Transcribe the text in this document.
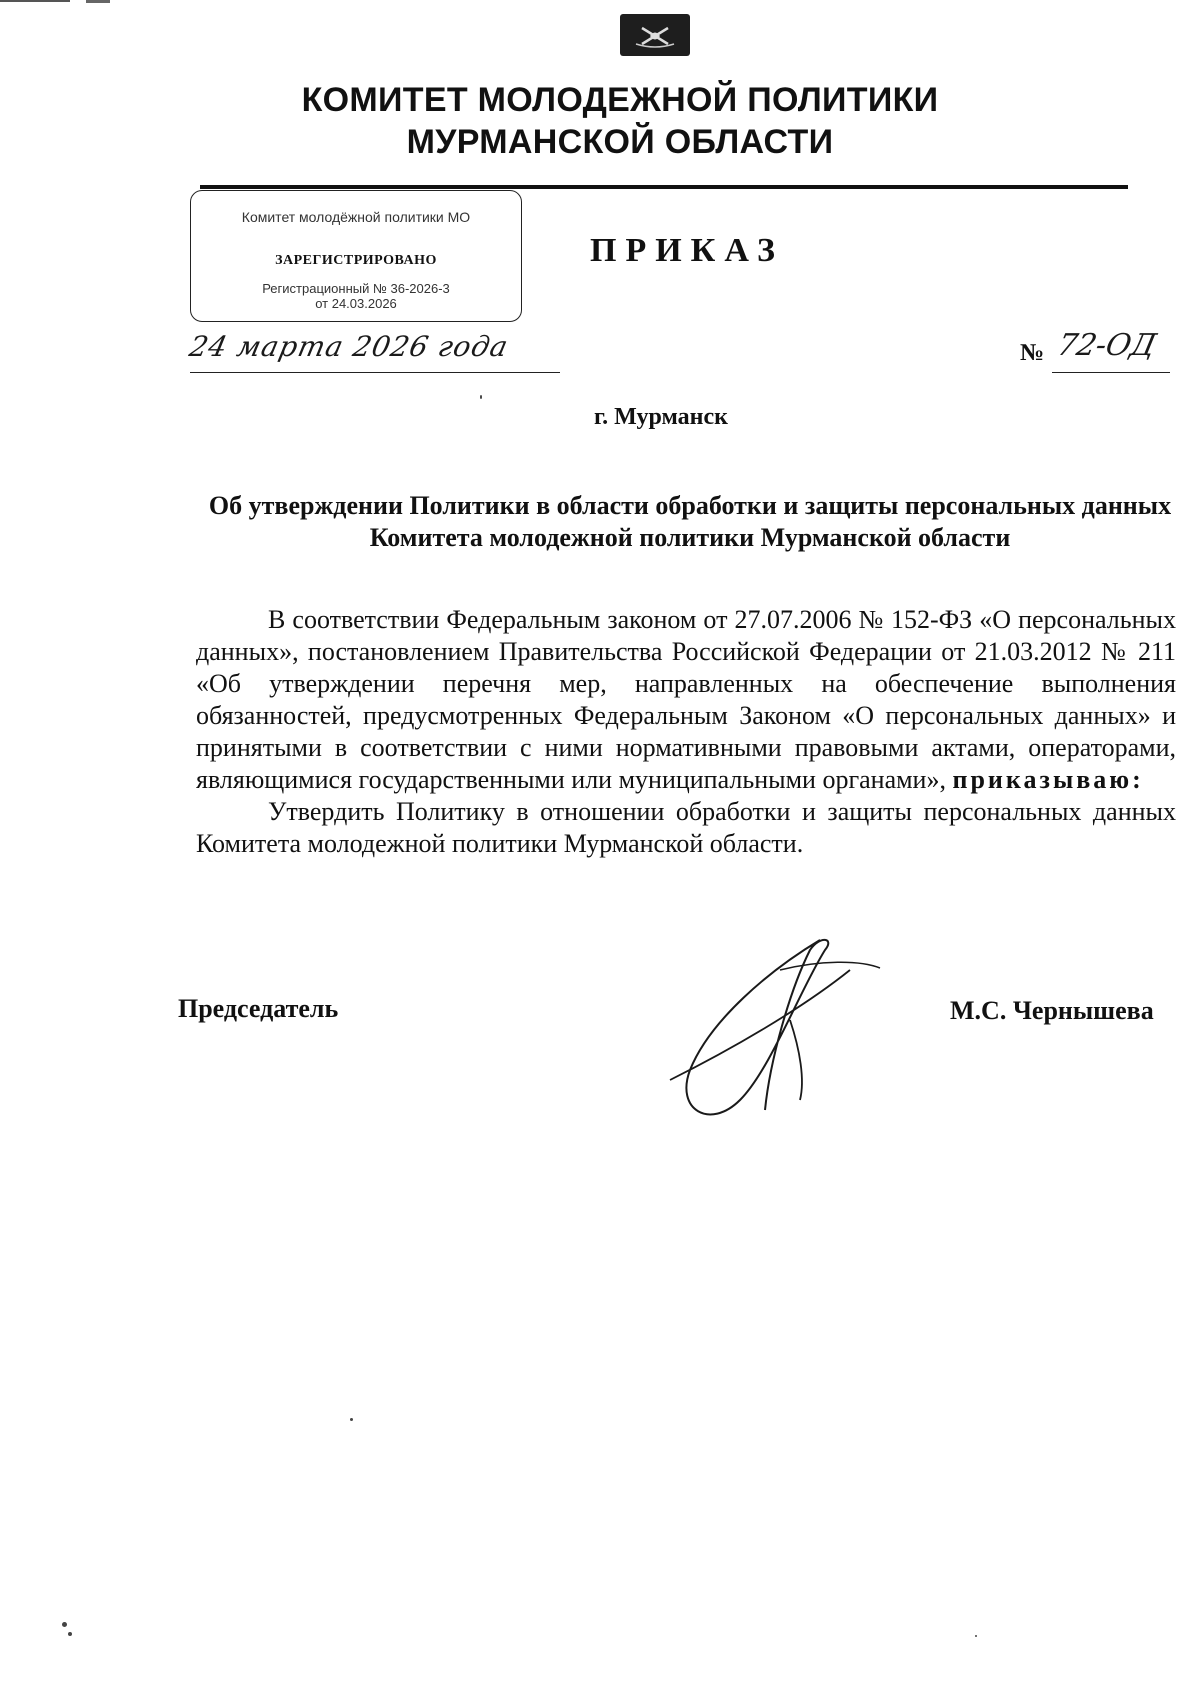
КОМИТЕТ МОЛОДЕЖНОЙ ПОЛИТИКИ
МУРМАНСКОЙ ОБЛАСТИ
Комитет молодёжной политики МО
ЗАРЕГИСТРИРОВАНО
Регистрационный № 36-2026-3
от 24.03.2026
ПРИКАЗ
24 марта 2026 года	№ 72-ОД
г. Мурманск
Об утверждении Политики в области обработки и защиты персональных данных Комитета молодежной политики Мурманской области

В соответствии Федеральным законом от 27.07.2006 № 152-ФЗ «О персональных данных», постановлением Правительства Российской Федерации от 21.03.2012 № 211 «Об утверждении перечня мер, направленных на обеспечение выполнения обязанностей, предусмотренных Федеральным Законом «О персональных данных» и принятыми в соответствии с ними нормативными правовыми актами, операторами, являющимися государственными или муниципальными органами», приказываю:

Утвердить Политику в отношении обработки и защиты персональных данных Комитета молодежной политики Мурманской области.

Председатель	М.С. Чернышева
